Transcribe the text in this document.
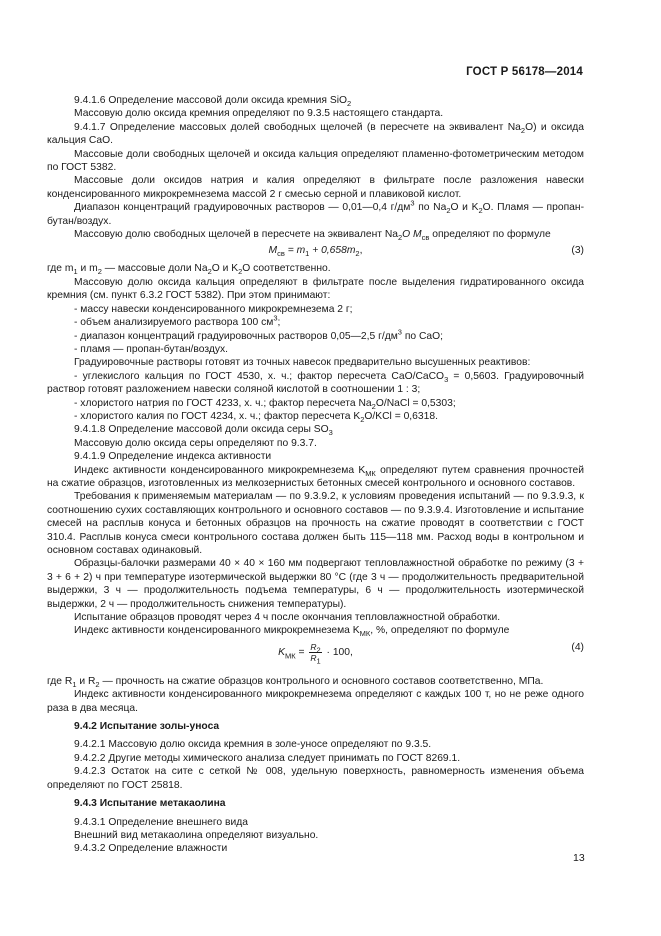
ГОСТ Р 56178—2014

9.4.1.6 Определение массовой доли оксида кремния SiO$_2$

Массовую долю оксида кремния определяют по 9.3.5 настоящего стандарта.

9.4.1.7 Определение массовых долей свободных щелочей (в пересчете на эквивалент $Na_2O$) и оксида кальция CaO.

Массовые доли свободных щелочей и оксида кальция определяют пламенно-фотометрическим методом по ГОСТ 5382.

Массовые доли оксидов натрия и калия определяют в фильтрате после разложения навески конденсированного микрокремнезема массой 2 г смесью серной и плавиковой кислот.

Диапазон концентраций градуировочных растворов — 0,01—0,4 $г/дм^3$ по $Na_2O$ и $K_2O$. Пламя — пропан-бутан/воздух.

Массовую долю свободных щелочей в пересчете на эквивалент $Na_2O$ $M_{св}$ определяют по формуле

$M_{св} = m_1 + 0,658m_2$,	(3)

где $m_1$ и $m_2$ — массовые доли $Na_2O$ и $K_2O$ соответственно.

Массовую долю оксида кальция определяют в фильтрате после выделения гидратированного оксида кремния (см. пункт 6.3.2 ГОСТ 5382). При этом принимают:

- массу навески конденсированного микрокремнезема 2 г;

- объем анализируемого раствора 100 $см^3$;

- диапазон концентраций градуировочных растворов 0,05—2,5 $г/дм^3$ по CaO;

- пламя — пропан-бутан/воздух.

Градуировочные растворы готовят из точных навесок предварительно высушенных реактивов:

- углекислого кальция по ГОСТ 4530, х. ч.; фактор пересчета CaO/CaCO$_3$ = 0,5603. Градуировочный раствор готовят разложением навески соляной кислотой в соотношении 1 : 3;

- хлористого натрия по ГОСТ 4233, х. ч.; фактор пересчета $Na_2O$/NaCl = 0,5303;

- хлористого калия по ГОСТ 4234, х. ч.; фактор пересчета $K_2O$/KCl = 0,6318.

9.4.1.8 Определение массовой доли оксида серы $SO_3$

Массовую долю оксида серы определяют по 9.3.7.

9.4.1.9 Определение индекса активности

Индекс активности конденсированного микрокремнезема $K_{МК}$ определяют путем сравнения прочностей на сжатие образцов, изготовленных из мелкозернистых бетонных смесей контрольного и основного составов.

Требования к применяемым материалам — по 9.3.9.2, к условиям проведения испытаний — по 9.3.9.3, к соотношению сухих составляющих контрольного и основного составов — по 9.3.9.4. Изготовление и испытание смесей на расплыв конуса и бетонных образцов на прочность на сжатие проводят в соответствии с ГОСТ 310.4. Расплыв конуса смеси контрольного состава должен быть 115—118 мм. Расход воды в контрольном и основном составах одинаковый.

Образцы-балочки размерами 40 × 40 × 160 мм подвергают тепловлажностной обработке по режиму (3 + 3 + 6 + 2) ч при температуре изотермической выдержки 80 °С (где 3 ч — продолжительность предварительной выдержки, 3 ч — продолжительность подъема температуры, 6 ч — продолжительность изотермической выдержки, 2 ч — продолжительность снижения температуры).

Испытание образцов проводят через 4 ч после окончания тепловлажностной обработки.

Индекс активности конденсированного микрокремнезема $K_{МК}$, %, определяют по формуле

$K_{МК} = \frac{R_2}{R_1} \cdot 100$,	(4)

где $R_1$ и $R_2$ — прочность на сжатие образцов контрольного и основного составов соответственно, МПа.

Индекс активности конденсированного микрокремнезема определяют с каждых 100 т, но не реже одного раза в два месяца.

9.4.2 Испытание золы-уноса

9.4.2.1 Массовую долю оксида кремния в золе-уносе определяют по 9.3.5.

9.4.2.2 Другие методы химического анализа следует принимать по ГОСТ 8269.1.

9.4.2.3 Остаток на сите с сеткой № 008, удельную поверхность, равномерность изменения объема определяют по ГОСТ 25818.

9.4.3 Испытание метакаолина

9.4.3.1 Определение внешнего вида

Внешний вид метакаолина определяют визуально.

9.4.3.2 Определение влажности

13
